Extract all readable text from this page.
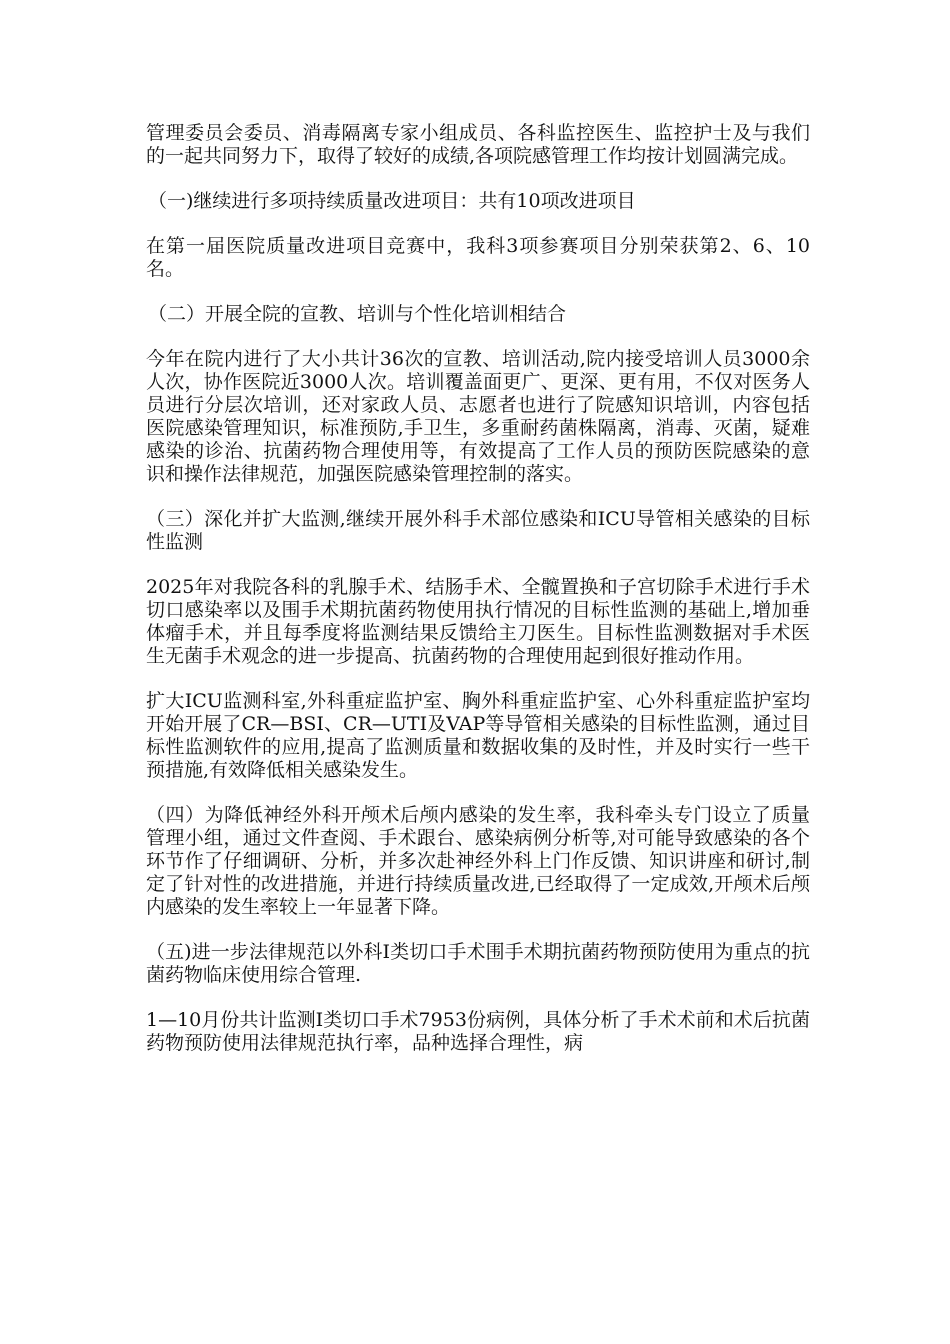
管理委员会委员、消毒隔离专家小组成员、各科监控医生、监控护士及与我们的一起共同努力下，取得了较好的成绩,各项院感管理工作均按计划圆满完成。

（一)继续进行多项持续质量改进项目：共有10项改进项目

在第一届医院质量改进项目竞赛中，我科3项参赛项目分别荣获第2、6、10名。

（二）开展全院的宣教、培训与个性化培训相结合

今年在院内进行了大小共计36次的宣教、培训活动,院内接受培训人员3000余人次，协作医院近3000人次。培训覆盖面更广、更深、更有用，不仅对医务人员进行分层次培训，还对家政人员、志愿者也进行了院感知识培训，内容包括医院感染管理知识，标准预防,手卫生，多重耐药菌株隔离，消毒、灭菌，疑难感染的诊治、抗菌药物合理使用等，有效提高了工作人员的预防医院感染的意识和操作法律规范，加强医院感染管理控制的落实。

（三）深化并扩大监测,继续开展外科手术部位感染和ICU导管相关感染的目标性监测

2025年对我院各科的乳腺手术、结肠手术、全髋置换和子宫切除手术进行手术切口感染率以及围手术期抗菌药物使用执行情况的目标性监测的基础上,增加垂体瘤手术，并且每季度将监测结果反馈给主刀医生。目标性监测数据对手术医生无菌手术观念的进一步提高、抗菌药物的合理使用起到很好推动作用。

扩大ICU监测科室,外科重症监护室、胸外科重症监护室、心外科重症监护室均开始开展了CR—BSI、CR—UTI及VAP等导管相关感染的目标性监测，通过目标性监测软件的应用,提高了监测质量和数据收集的及时性，并及时实行一些干预措施,有效降低相关感染发生。

（四）为降低神经外科开颅术后颅内感染的发生率，我科牵头专门设立了质量管理小组，通过文件查阅、手术跟台、感染病例分析等,对可能导致感染的各个环节作了仔细调研、分析，并多次赴神经外科上门作反馈、知识讲座和研讨,制定了针对性的改进措施，并进行持续质量改进,已经取得了一定成效,开颅术后颅内感染的发生率较上一年显著下降。

（五)进一步法律规范以外科Ⅰ类切口手术围手术期抗菌药物预防使用为重点的抗菌药物临床使用综合管理.

1—10月份共计监测Ⅰ类切口手术7953份病例，具体分析了手术术前和术后抗菌药物预防使用法律规范执行率，品种选择合理性，病
